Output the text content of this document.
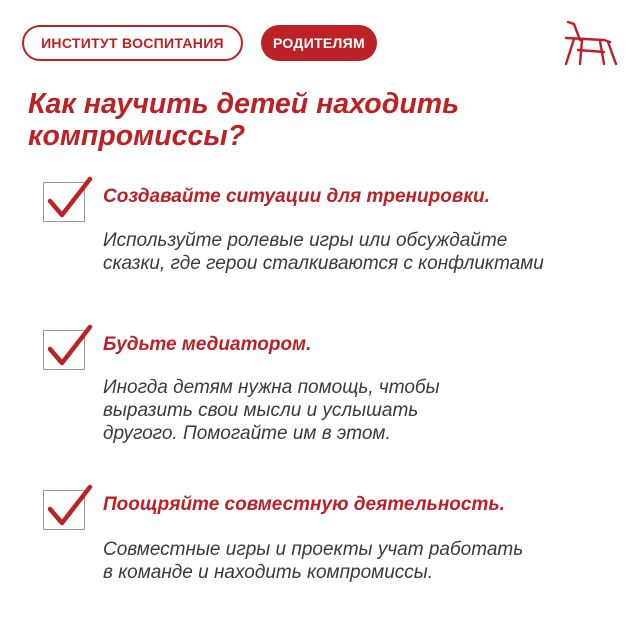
ИНСТИТУТ ВОСПИТАНИЯ	РОДИТЕЛЯМ
Как научить детей находить
компромиссы?
Создавайте ситуации для тренировки.
Используйте ролевые игры или обсуждайте
сказки, где герои сталкиваются с конфликтами
Будьте медиатором.
Иногда детям нужна помощь, чтобы
выразить свои мысли и услышать
другого. Помогайте им в этом.
Поощряйте совместную деятельность.
Совместные игры и проекты учат работать
в команде и находить компромиссы.
